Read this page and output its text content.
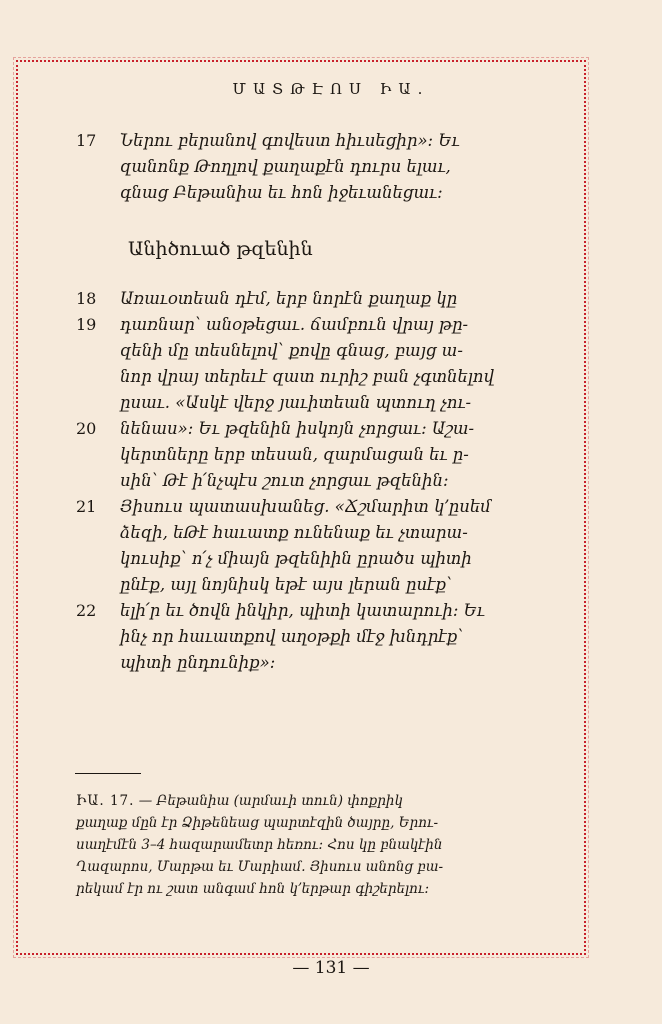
ՄԱՏԹԷՈՍ ԻԱ․
17	Ներու բերանով գովեստ հիւսեցիր»: Եւ
զանոնք Թողլով քաղաքէն դուրս ելաւ,
գնաց Բեթանիա եւ հոն իջեւանեցաւ:
Անիծուած թզենին
18	Առաւօտեան դէմ, երբ նորէն քաղաք կը
19	դառնար՝ անօթեցաւ. ճամբուն վրայ թը-
զենի մը տեսնելով՝ քովը գնաց, բայց ա-
նոր վրայ տերեւէ զատ ուրիշ բան չգտնելով
ըսաւ. «Ասկէ վերջ յաւիտեան պտուղ չու-
20	նենաս»: Եւ թզենին իսկոյն չորցաւ: Աշա-
կերտները երբ տեսան, զարմացան եւ ը-
սին՝ Թէ ի՛նչպէս շուտ չորցաւ թզենին:
21	Յիսուս պատասխանեց. «Ճշմարիտ կ՚ըսեմ
ձեզի, եԹէ հաւատք ունենաք եւ չտարա-
կուսիք՝ ո՛չ միայն թզենիին ըրածս պիտի
ընէք, այլ նոյնիսկ եթէ այս լերան ըսէք՝
22	ելի՛ր եւ ծովն ինկիր, պիտի կատարուի: Եւ
ինչ որ հաւատքով աղօթքի մէջ խնդրէք՝
պիտի ընդունիք»:
ԻԱ. 17. — Բեթանիա (արմաւի տուն) փոքրիկ
քաղաք մըն էր Ձիթենեաց պարտէզին ծայրը, Երու-
սաղէմէն 3–4 հազարամետր հեռու: Հոս կը բնակէին
Ղազարոս, Մարթա եւ Մարիամ. Յիսուս անոնց բա-
րեկամ էր ու շատ անգամ հոն կ՚երթար գիշերելու:
— 131 —
